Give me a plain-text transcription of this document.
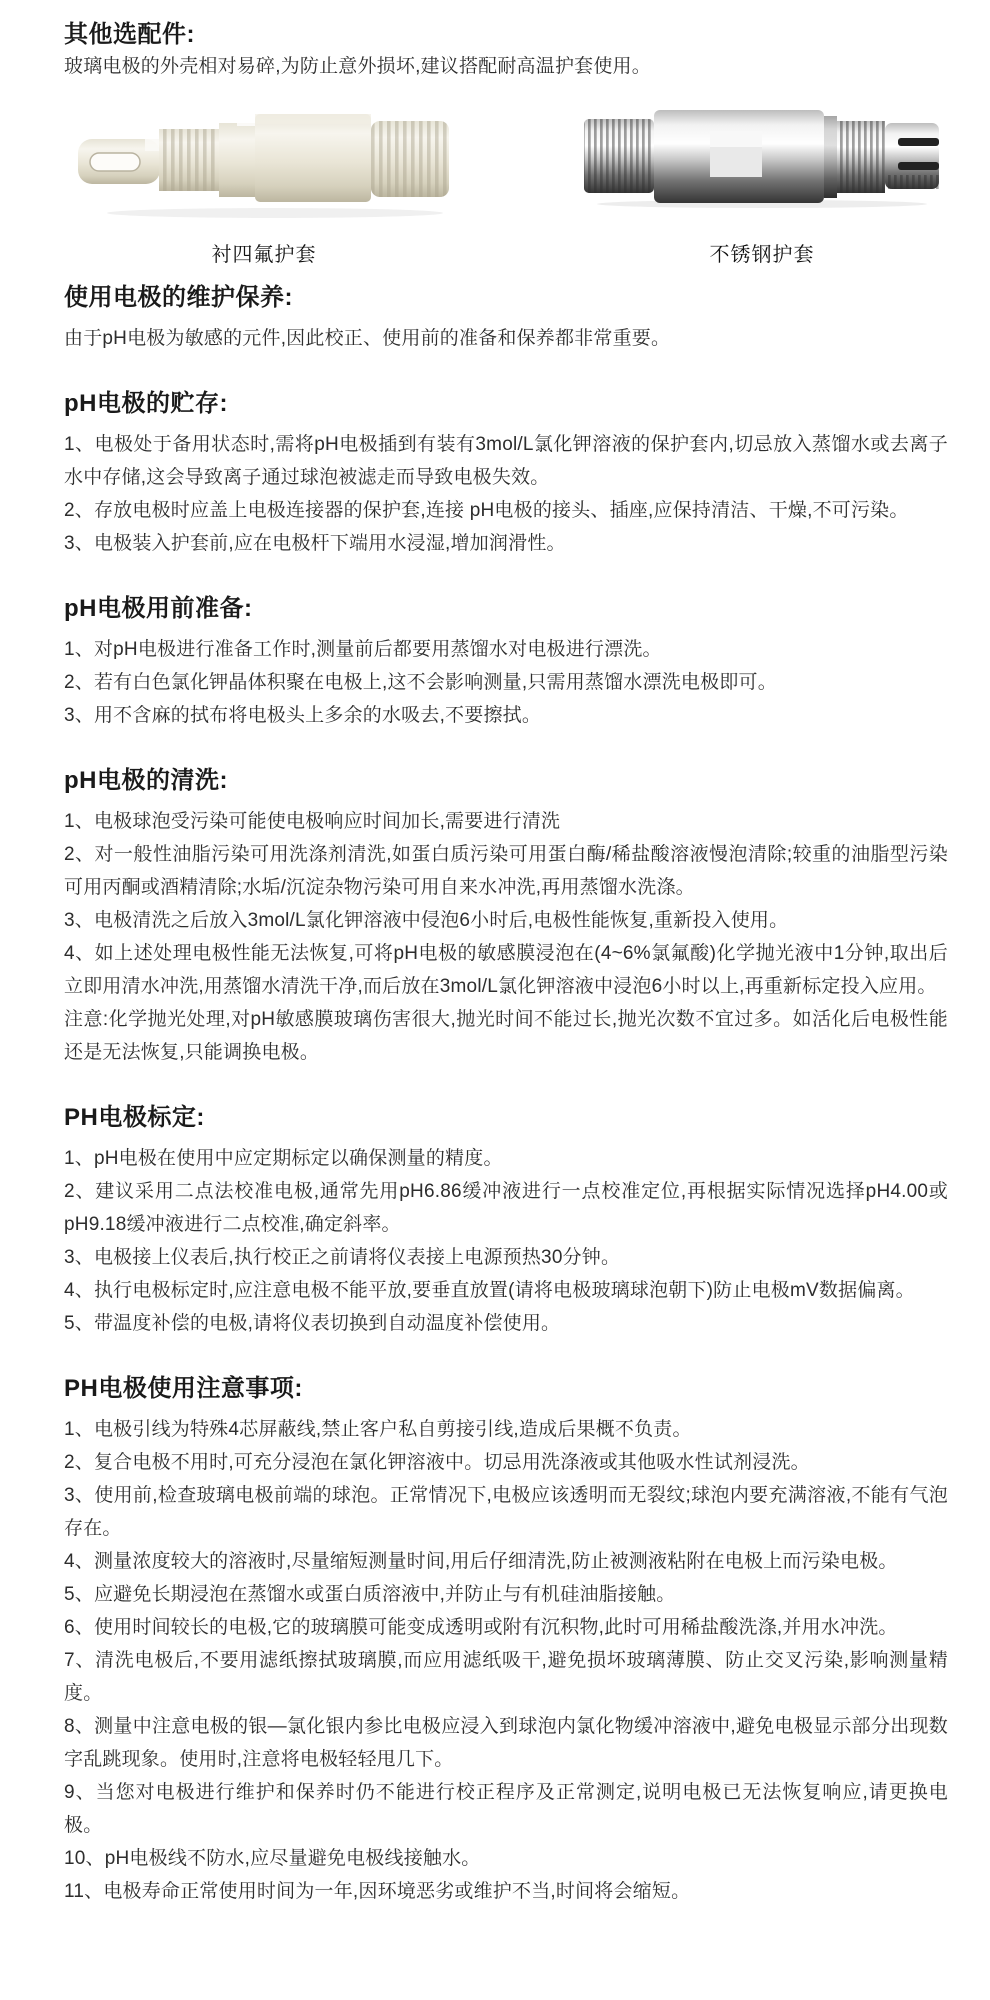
其他选配件:

玻璃电极的外壳相对易碎,为防止意外损坏,建议搭配耐高温护套使用。

衬四氟护套	不锈钢护套
使用电极的维护保养:

由于pH电极为敏感的元件,因此校正、使用前的准备和保养都非常重要。

pH电极的贮存:

1、电极处于备用状态时,需将pH电极插到有装有3mol/L氯化钾溶液的保护套内,切忌放入蒸馏水或去离子水中存储,这会导致离子通过球泡被滤走而导致电极失效。

2、存放电极时应盖上电极连接器的保护套,连接 pH电极的接头、插座,应保持清洁、干燥,不可污染。

3、电极装入护套前,应在电极杆下端用水浸湿,增加润滑性。

pH电极用前准备:

1、对pH电极进行准备工作时,测量前后都要用蒸馏水对电极进行漂洗。

2、若有白色氯化钾晶体积聚在电极上,这不会影响测量,只需用蒸馏水漂洗电极即可。

3、用不含麻的拭布将电极头上多余的水吸去,不要擦拭。

pH电极的清洗:

1、电极球泡受污染可能使电极响应时间加长,需要进行清洗

2、对一般性油脂污染可用洗涤剂清洗,如蛋白质污染可用蛋白酶/稀盐酸溶液慢泡清除;较重的油脂型污染可用丙酮或酒精清除;水垢/沉淀杂物污染可用自来水冲洗,再用蒸馏水洗涤。

3、电极清洗之后放入3mol/L氯化钾溶液中侵泡6小时后,电极性能恢复,重新投入使用。

4、如上述处理电极性能无法恢复,可将pH电极的敏感膜浸泡在(4~6%氯氟酸)化学抛光液中1分钟,取出后立即用清水冲洗,用蒸馏水清洗干净,而后放在3mol/L氯化钾溶液中浸泡6小时以上,再重新标定投入应用。

注意:化学抛光处理,对pH敏感膜玻璃伤害很大,抛光时间不能过长,抛光次数不宜过多。如活化后电极性能还是无法恢复,只能调换电极。

PH电极标定:

1、pH电极在使用中应定期标定以确保测量的精度。

2、建议采用二点法校准电极,通常先用pH6.86缓冲液进行一点校准定位,再根据实际情况选择pH4.00或pH9.18缓冲液进行二点校准,确定斜率。

3、电极接上仪表后,执行校正之前请将仪表接上电源预热30分钟。

4、执行电极标定时,应注意电极不能平放,要垂直放置(请将电极玻璃球泡朝下)防止电极mV数据偏离。

5、带温度补偿的电极,请将仪表切换到自动温度补偿使用。

PH电极使用注意事项:

1、电极引线为特殊4芯屏蔽线,禁止客户私自剪接引线,造成后果概不负责。

2、复合电极不用时,可充分浸泡在氯化钾溶液中。切忌用洗涤液或其他吸水性试剂浸洗。

3、使用前,检查玻璃电极前端的球泡。正常情况下,电极应该透明而无裂纹;球泡内要充满溶液,不能有气泡存在。

4、测量浓度较大的溶液时,尽量缩短测量时间,用后仔细清洗,防止被测液粘附在电极上而污染电极。

5、应避免长期浸泡在蒸馏水或蛋白质溶液中,并防止与有机硅油脂接触。

6、使用时间较长的电极,它的玻璃膜可能变成透明或附有沉积物,此时可用稀盐酸洗涤,并用水冲洗。

7、清洗电极后,不要用滤纸擦拭玻璃膜,而应用滤纸吸干,避免损坏玻璃薄膜、防止交叉污染,影响测量精度。

8、测量中注意电极的银—氯化银内参比电极应浸入到球泡内氯化物缓冲溶液中,避免电极显示部分出现数字乱跳现象。使用时,注意将电极轻轻甩几下。

9、当您对电极进行维护和保养时仍不能进行校正程序及正常测定,说明电极已无法恢复响应,请更换电极。

10、pH电极线不防水,应尽量避免电极线接触水。

11、电极寿命正常使用时间为一年,因环境恶劣或维护不当,时间将会缩短。
